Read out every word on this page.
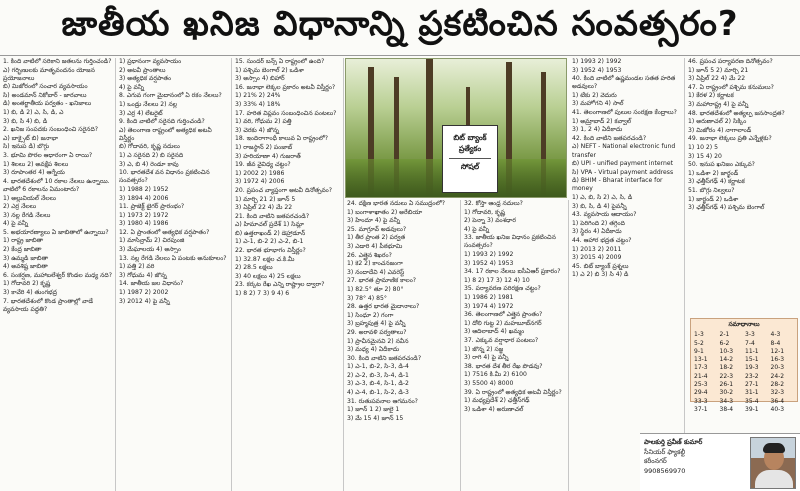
జాతీయ ఖనిజ విధానాన్ని ప్రకటించిన సంవత్సరం?

1. కింది వాటిలో సరికాని జతలను గుర్తించండి?

ఎ) గర్భిణులకు మాతృవందనం యోజన ప్రయోజనాలు

బి) మిజోరంలో సంచార వ్యవసాయం

సి) అండమాన్ నికోబార్ - జారవాలు

డి) అంతర్జాతీయ పర్వతం - ఖనిజాలు

1) బి, డి 2) ఎ, సి, డి, ఎ

3) బి, సి 4) బి, డి

2. ఖనిజ సంపదకు సంబంధించి సరైనది?

ఎ) బాక్సైట్ బి) జనాభా

సి) ఇనుప డి) బొగ్గు

3. భూమి పొరల ఆధారంగా ఏ రాయి?

1) శిలలు 2) అవక్షేప శిలలు

3) రూపాంతర 4) ఆగ్నేయ

4. భారతదేశంలో 10 రకాల నేలలు ఉన్నాయి. వాటిలో 6 రకాలను ఏమంటారు?

1) అల్లువియల్ నేలలు

2) ఎర్ర నేలలు

3) నల్ల రేగడి నేలలు

4) పై వన్నీ

5. అభయారణ్యాలు ఏ జాబితాలో ఉన్నాయి?

1) రాష్ట్ర జాబితా

2) కేంద్ర జాబితా

3) ఉమ్మడి జాబితా

4) అవశిష్ట జాబితా

6. సంకర్షణ, మహాబలేశ్వర్ కొండల మధ్య నది?

1) గోదావరి 2) కృష్ణ

3) కావేరి 4) తుంగభద్ర

7. భారతదేశంలో కొండ ప్రాంతాల్లో వాడే వ్యవసాయ పద్ధతి?

1) ప్రధానంగా వ్యవసాయం

2) అటవీ ప్రాంతాలు

3) అత్యధిక వర్షపాతం

4) పై వన్నీ

8. ఎగువ గంగా మైదానంలో ఏ రకం నేలలు?

1) ఒండ్రు నేలలు 2) నల్ల

3) ఎర్ర 4) లేటరైట్

9. కింది వాటిలో సరైనది గుర్తించండి?

ఎ) తెలంగాణ రాష్ట్రంలో అత్యధిక అటవీ విస్తీర్ణం

బి) గోదావరి, కృష్ణ నదులు

1) ఎ సరైనది 2) బి సరైనది

3) ఎ, బి 4) రెండూ కావు

10. భారతదేశ వన విధానం ప్రకటించిన సంవత్సరం?

1) 1988 2) 1952

3) 1894 4) 2006

11. ప్రాజెక్ట్ టైగర్ ప్రారంభం?

1) 1973 2) 1972

3) 1980 4) 1986

12. ఏ ప్రాంతంలో అత్యధిక వర్షపాతం?

1) మాసిన్రామ్ 2) చిరపుంజి

3) మేఘాలయ 4) అస్సాం

13. నల్ల రేగడి నేలలు ఏ పంటకు అనుకూలం?

1) పత్తి 2) వరి

3) గోధుమ 4) జొన్న

14. జాతీయ జల విధానం?

1) 1987 2) 2002

3) 2012 4) పై వన్నీ

15. సుందర్ బన్స్ ఏ రాష్ట్రంలో ఉంది?

1) పశ్చిమ బెంగాల్ 2) ఒడిశా

3) అస్సాం 4) బిహార్

16. జనాభా లెక్కల ప్రకారం అటవీ విస్తీర్ణం?

1) 21% 2) 24%

3) 33% 4) 18%

17. హరిత విప్లవం సంబంధించిన పంటలు?

1) వరి, గోధుమ 2) పత్తి

3) చెరకు 4) జొన్న

18. ఇందిరాగాంధీ కాలువ ఏ రాష్ట్రంలో?

1) రాజస్థాన్ 2) పంజాబ్

3) హరియాణా 4) గుజరాత్

19. జీవ వైవిధ్య చట్టం?

1) 2002 2) 1986

3) 1972 4) 2006

20. ప్రపంచ వ్యాప్తంగా అటవీ దినోత్సవం?

1) మార్చి 21 2) జూన్ 5

3) ఏప్రిల్ 22 4) మే 22

21. కింది వాటిని జతపరచండి?

ఎ) హిమాచల్ ప్రదేశ్ 1) సిమ్లా

బి) ఉత్తరాఖండ్ 2) డెహ్రాడూన్

1) ఎ-1, బి-2 2) ఎ-2, బి-1

22. భారత భూభాగం విస్తీర్ణం?

1) 32.87 లక్షల చ.కి.మీ

2) 28.5 లక్షలు

3) 40 లక్షలు 4) 25 లక్షలు

23. కర్కట రేఖ ఎన్ని రాష్ట్రాల ద్వారా?

1) 8 2) 7 3) 9 4) 6

బిట్ బ్యాంక్
ప్రత్యేకం
సోషల్

24. దక్షిణ భారత నదులు ఏ సముద్రంలో?

1) బంగాళాఖాతం 2) అరేబియా

3) హిందూ 4) పై వన్నీ

25. మాగ్రూవ్ అడవులు?

1) తీర ప్రాంత 2) పర్వత

3) ఎడారి 4) పీఠభూమి

26. ఎత్తైన శిఖరం?

1) కె2 2) కాంచనజంగా

3) నందాదేవి 4) ఎవరెస్ట్

27. భారత ప్రామాణిక కాలం?

1) 82.5° తూ 2) 80°

3) 78° 4) 85°

28. ఉత్తర భారత మైదానాలు?

1) సింధూ 2) గంగా

3) బ్రహ్మపుత్ర 4) పై వన్నీ

29. అరావళి పర్వతాలు?

1) ప్రాచీనమైనవి 2) నవీన

3) మధ్య 4) ఏదీకాదు

30. కింది వాటిని జతపరచండి?

1) ఎ-1, బి-2, సి-3, డి-4

2) ఎ-2, బి-3, సి-4, డి-1

3) ఎ-3, బి-4, సి-1, డి-2

4) ఎ-4, బి-1, సి-2, డి-3

31. రుతుపవనాల ఆగమనం?

1) జూన్ 1 2) జులై 1

3) మే 15 4) జూన్ 15

32. కోస్తా ఆంధ్ర నదులు?

1) గోదావరి, కృష్ణ

2) పెన్నా 3) వంశధార

4) పై వన్నీ

33. జాతీయ ఖనిజ విధానం ప్రకటించిన సంవత్సరం?

1) 1993 2) 1992

3) 1952 4) 1953

34. 17 రకాల నేలలు ఐసీఏఆర్ ప్రకారం?

1) 8 2) 17 3) 12 4) 10

35. పర్యావరణ పరిరక్షణ చట్టం?

1) 1986 2) 1981

3) 1974 4) 1972

36. తెలంగాణలో ఎత్తైన ప్రాంతం?

1) దోలి గుట్ట 2) మహబూబ్‌నగర్

3) ఆదిలాబాద్ 4) ఖమ్మం

37. ఎక్కువ వర్షాధార పంటలు?

1) జొన్న 2) సజ్జ

3) రాగి 4) పై వన్నీ

38. భారత దేశ తీర రేఖ పొడవు?

1) 7516 కి.మీ 2) 6100

3) 5500 4) 8000

39. ఏ రాష్ట్రంలో అత్యధిక అటవీ విస్తీర్ణం?

1) మధ్యప్రదేశ్ 2) ఛత్తీస్‌గఢ్

3) ఒడిశా 4) అరుణాచల్

1) 1993 2) 1992

3) 1952 4) 1953

40. కింది వాటిలో ఉష్ణమండల సతత హరిత అడవులు?

1) టేకు 2) వెదురు

3) మహోగని 4) సాల్

41. తెలంగాణలో పులుల సంరక్షణ కేంద్రాలు?

1) అమ్రాబాద్ 2) కవ్వాల్

3) 1, 2 4) ఏదీకాదు

42. కింది వాటిని జతపరచండి?

ఎ) NEFT - National electronic fund transfer

బి) UPI - unified payment internet

సి) VPA - Virtual payment address

డి) BHIM - Bharat interface for money

1) ఎ, బి, సి 2) ఎ, సి, డి

3) బి, సి, డి 4) పైవన్నీ

43. వ్యవసాయ ఆదాయం?

1) పెరిగింది 2) తగ్గింది

3) స్థిరం 4) ఏదీకాదు

44. ఆహార భద్రత చట్టం?

1) 2013 2) 2011

3) 2015 4) 2009

45. బిట్ బ్యాంక్ ప్రశ్నలు

1) ఎ 2) బి 3) సి 4) డి

46. ప్రపంచ పర్యావరణ దినోత్సవం?

1) జూన్ 5 2) మార్చి 21

3) ఏప్రిల్ 22 4) మే 22

47. ఏ రాష్ట్రంలో పశ్చిమ కనుమలు?

1) కేరళ 2) కర్ణాటక

3) మహారాష్ట్ర 4) పై వన్నీ

48. భారతదేశంలో అత్యల్ప జనసాంద్రత?

1) అరుణాచల్ 2) సిక్కిం

3) మిజోరం 4) నాగాలాండ్

49. జనాభా లెక్కలు ప్రతి ఎన్నేళ్లకు?

1) 10 2) 5

3) 15 4) 20

50. ఇనుప ఖనిజం ఎక్కువ?

1) ఒడిశా 2) జార్ఖండ్

3) ఛత్తీస్‌గఢ్ 4) కర్ణాటక

51. బొగ్గు నిల్వలు?

1) జార్ఖండ్ 2) ఒడిశా

3) ఛత్తీస్‌గఢ్ 4) పశ్చిమ బెంగాల్

సమాధానాలు
1-3	2-1	3-3	4-3
5-2	6-2	7-4	8-4
9-1	10-3	11-1	12-1
13-1	14-2	15-1	16-3
17-3	18-2	19-3	20-3
21-4	22-3	23-2	24-2
25-3	26-1	27-1	28-2
29-4	30-2	31-1	32-3
33-3	34-3	35-4	36-4
37-1	38-4	39-1	40-3
పాలకుర్తి ప్రవీణ్ కుమార్
సీనియర్ ఫ్యాకల్టీ
కరీంనగర్
9908569970
